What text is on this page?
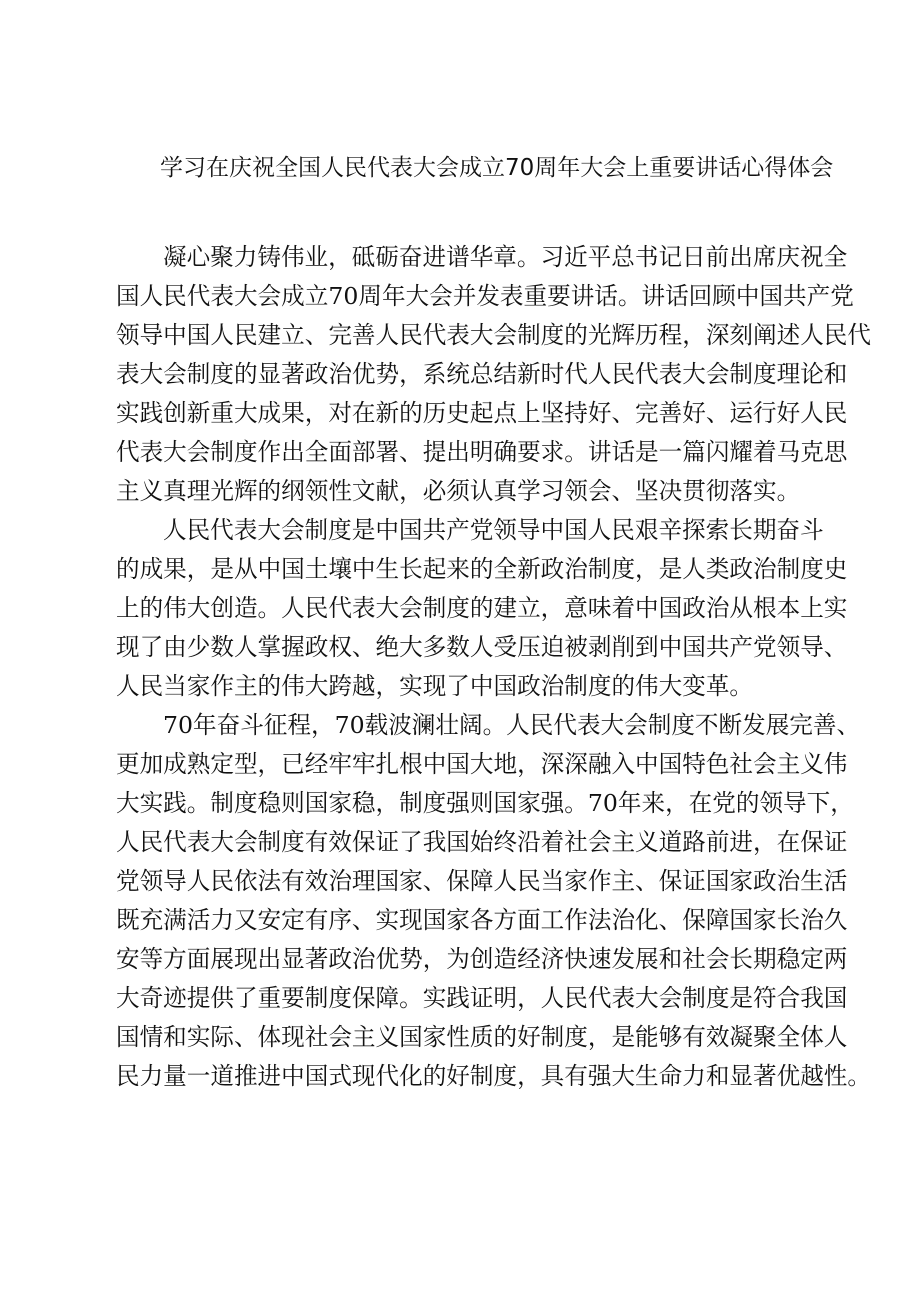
学习在庆祝全国人民代表大会成立70周年大会上重要讲话心得体会

凝心聚力铸伟业，砥砺奋进谱华章。习近平总书记日前出席庆祝全
国人民代表大会成立70周年大会并发表重要讲话。讲话回顾中国共产党
领导中国人民建立、完善人民代表大会制度的光辉历程，深刻阐述人民代
表大会制度的显著政治优势，系统总结新时代人民代表大会制度理论和
实践创新重大成果，对在新的历史起点上坚持好、完善好、运行好人民
代表大会制度作出全面部署、提出明确要求。讲话是一篇闪耀着马克思
主义真理光辉的纲领性文献，必须认真学习领会、坚决贯彻落实。

人民代表大会制度是中国共产党领导中国人民艰辛探索长期奋斗
的成果，是从中国土壤中生长起来的全新政治制度，是人类政治制度史
上的伟大创造。人民代表大会制度的建立，意味着中国政治从根本上实
现了由少数人掌握政权、绝大多数人受压迫被剥削到中国共产党领导、
人民当家作主的伟大跨越，实现了中国政治制度的伟大变革。

70年奋斗征程，70载波澜壮阔。人民代表大会制度不断发展完善、
更加成熟定型，已经牢牢扎根中国大地，深深融入中国特色社会主义伟
大实践。制度稳则国家稳，制度强则国家强。70年来，在党的领导下，
人民代表大会制度有效保证了我国始终沿着社会主义道路前进，在保证
党领导人民依法有效治理国家、保障人民当家作主、保证国家政治生活
既充满活力又安定有序、实现国家各方面工作法治化、保障国家长治久
安等方面展现出显著政治优势，为创造经济快速发展和社会长期稳定两
大奇迹提供了重要制度保障。实践证明，人民代表大会制度是符合我国
国情和实际、体现社会主义国家性质的好制度，是能够有效凝聚全体人
民力量一道推进中国式现代化的好制度，具有强大生命力和显著优越性。
